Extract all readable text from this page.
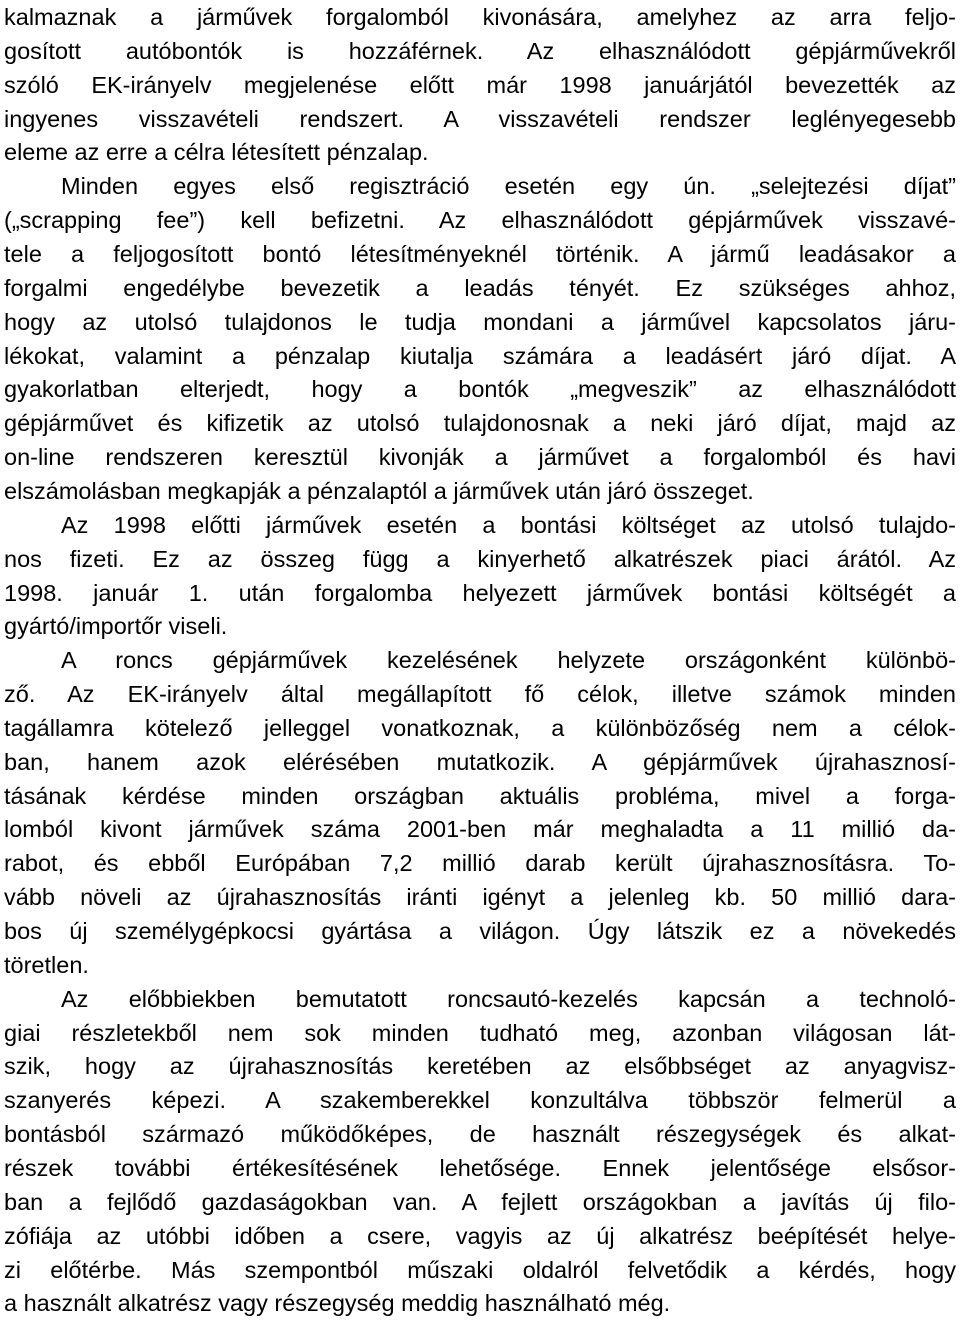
kalmaznak a járművek forgalomból kivonására, amelyhez az arra feljo-
gosított autóbontók is hozzáférnek. Az elhasználódott gépjárművekről
szóló EK-irányelv megjelenése előtt már 1998 januárjától bevezették az
ingyenes visszavételi rendszert. A visszavételi rendszer leglényegesebb
eleme az erre a célra létesített pénzalap.
Minden egyes első regisztráció esetén egy ún. „selejtezési díjat”
(„scrapping fee”) kell befizetni. Az elhasználódott gépjárművek visszavé-
tele a feljogosított bontó létesítményeknél történik. A jármű leadásakor a
forgalmi engedélybe bevezetik a leadás tényét. Ez szükséges ahhoz,
hogy az utolsó tulajdonos le tudja mondani a járművel kapcsolatos járu-
lékokat, valamint a pénzalap kiutalja számára a leadásért járó díjat. A
gyakorlatban elterjedt, hogy a bontók „megveszik” az elhasználódott
gépjárművet és kifizetik az utolsó tulajdonosnak a neki járó díjat, majd az
on-line rendszeren keresztül kivonják a járművet a forgalomból és havi
elszámolásban megkapják a pénzalaptól a járművek után járó összeget.
Az 1998 előtti járművek esetén a bontási költséget az utolsó tulajdo-
nos fizeti. Ez az összeg függ a kinyerhető alkatrészek piaci árától. Az
1998. január 1. után forgalomba helyezett járművek bontási költségét a
gyártó/importőr viseli.
A roncs gépjárművek kezelésének helyzete országonként különbö-
ző. Az EK-irányelv által megállapított fő célok, illetve számok minden
tagállamra kötelező jelleggel vonatkoznak, a különbözőség nem a célok-
ban, hanem azok elérésében mutatkozik. A gépjárművek újrahasznosí-
tásának kérdése minden országban aktuális probléma, mivel a forga-
lomból kivont járművek száma 2001-ben már meghaladta a 11 millió da-
rabot, és ebből Európában 7,2 millió darab került újrahasznosításra. To-
vább növeli az újrahasznosítás iránti igényt a jelenleg kb. 50 millió dara-
bos új személygépkocsi gyártása a világon. Úgy látszik ez a növekedés
töretlen.
Az előbbiekben bemutatott roncsautó-kezelés kapcsán a technoló-
giai részletekből nem sok minden tudható meg, azonban világosan lát-
szik, hogy az újrahasznosítás keretében az elsőbbséget az anyagvisz-
szanyerés képezi. A szakemberekkel konzultálva többször felmerül a
bontásból származó működőképes, de használt részegységek és alkat-
részek további értékesítésének lehetősége. Ennek jelentősége elsősor-
ban a fejlődő gazdaságokban van. A fejlett országokban a javítás új filo-
zófiája az utóbbi időben a csere, vagyis az új alkatrész beépítését helye-
zi előtérbe. Más szempontból műszaki oldalról felvetődik a kérdés, hogy
a használt alkatrész vagy részegység meddig használható még.
